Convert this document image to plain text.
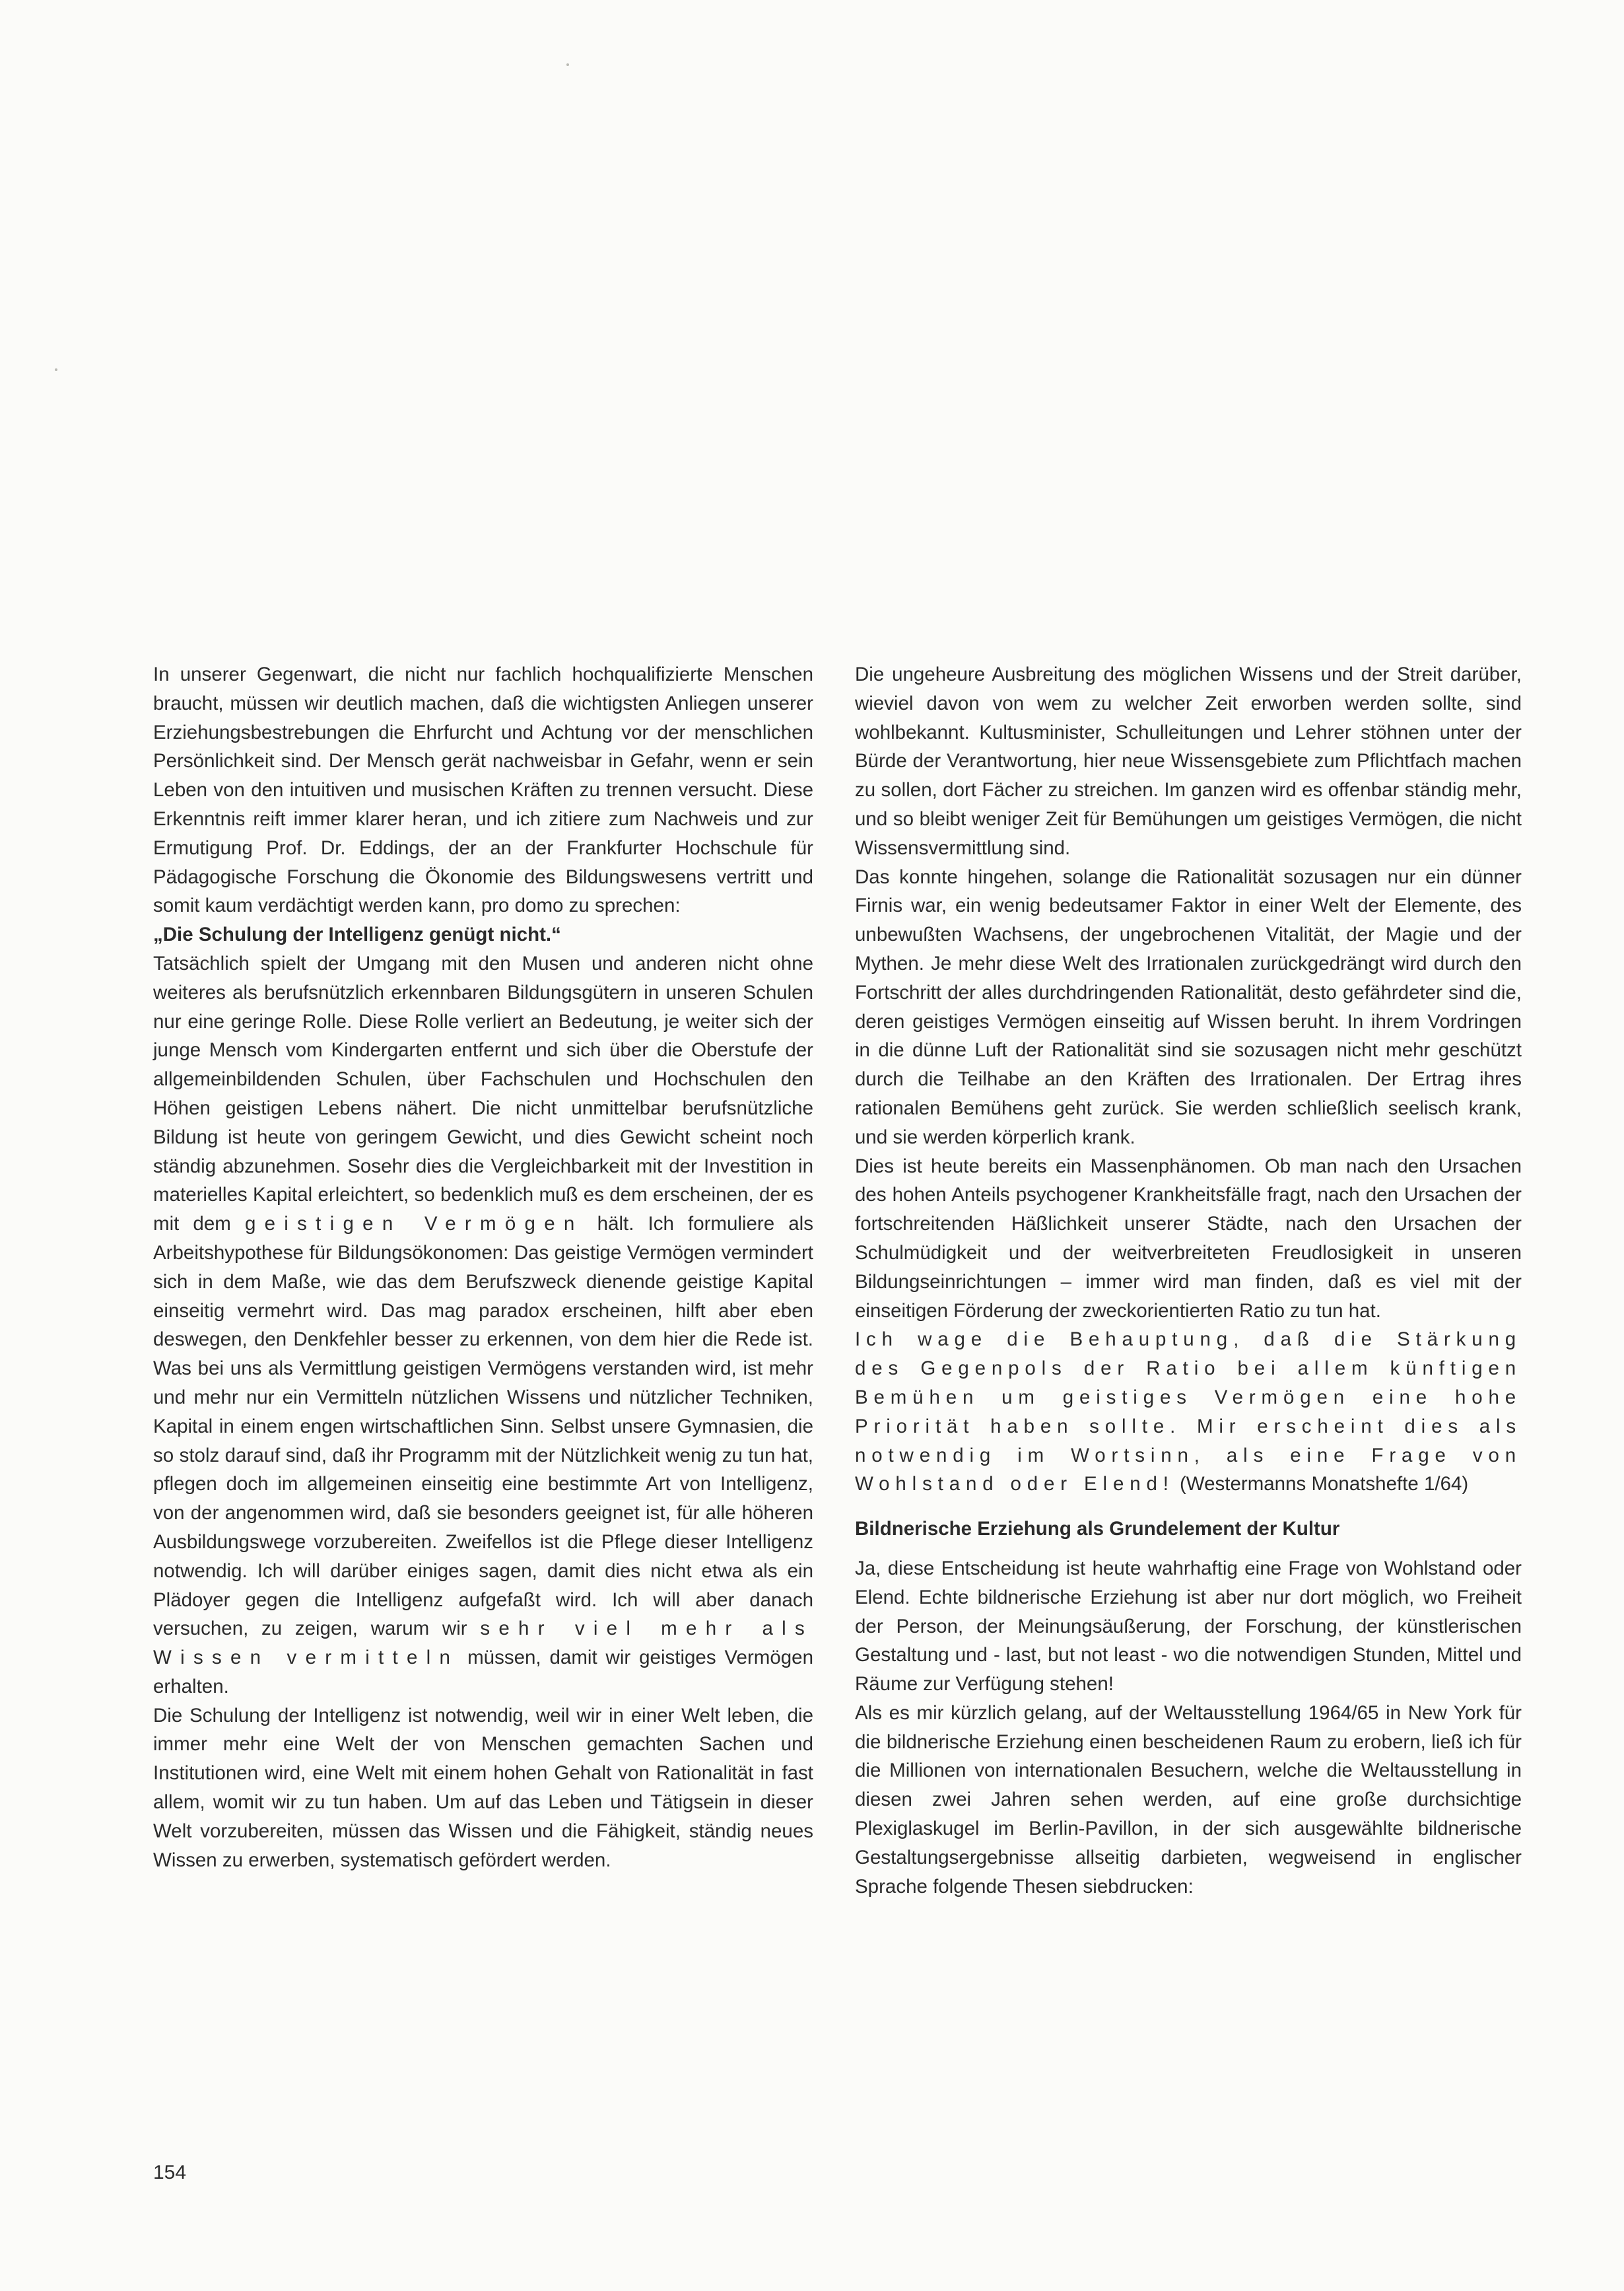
In unserer Gegenwart, die nicht nur fachlich hochqualifizierte Menschen braucht, müssen wir deutlich machen, daß die wichtigsten Anliegen unserer Erziehungsbestrebungen die Ehrfurcht und Achtung vor der menschlichen Persönlichkeit sind. Der Mensch gerät nachweisbar in Gefahr, wenn er sein Leben von den intuitiven und musischen Kräften zu trennen versucht. Diese Erkenntnis reift immer klarer heran, und ich zitiere zum Nachweis und zur Ermutigung Prof. Dr. Eddings, der an der Frankfurter Hochschule für Pädagogische Forschung die Ökonomie des Bildungswesens vertritt und somit kaum verdächtigt werden kann, pro domo zu sprechen:

„Die Schulung der Intelligenz genügt nicht.“

Tatsächlich spielt der Umgang mit den Musen und anderen nicht ohne weiteres als berufsnützlich erkennbaren Bildungsgütern in unseren Schulen nur eine geringe Rolle. Diese Rolle verliert an Bedeutung, je weiter sich der junge Mensch vom Kindergarten entfernt und sich über die Oberstufe der allgemeinbildenden Schulen, über Fachschulen und Hochschulen den Höhen geistigen Lebens nähert. Die nicht unmittelbar berufsnützliche Bildung ist heute von geringem Gewicht, und dies Gewicht scheint noch ständig abzunehmen. Sosehr dies die Vergleichbarkeit mit der Investition in materielles Kapital erleichtert, so bedenklich muß es dem erscheinen, der es mit dem geistigen Vermögen hält. Ich formuliere als Arbeitshypothese für Bildungsökonomen: Das geistige Vermögen vermindert sich in dem Maße, wie das dem Berufszweck dienende geistige Kapital einseitig vermehrt wird. Das mag paradox erscheinen, hilft aber eben deswegen, den Denkfehler besser zu erkennen, von dem hier die Rede ist. Was bei uns als Vermittlung geistigen Vermögens verstanden wird, ist mehr und mehr nur ein Vermitteln nützlichen Wissens und nützlicher Techniken, Kapital in einem engen wirtschaftlichen Sinn. Selbst unsere Gymnasien, die so stolz darauf sind, daß ihr Programm mit der Nützlichkeit wenig zu tun hat, pflegen doch im allgemeinen einseitig eine bestimmte Art von Intelligenz, von der angenommen wird, daß sie besonders geeignet ist, für alle höheren Ausbildungswege vorzubereiten. Zweifellos ist die Pflege dieser Intelligenz notwendig. Ich will darüber einiges sagen, damit dies nicht etwa als ein Plädoyer gegen die Intelligenz aufgefaßt wird. Ich will aber danach versuchen, zu zeigen, warum wir sehr viel mehr als Wissen vermitteln müssen, damit wir geistiges Vermögen erhalten.

Die Schulung der Intelligenz ist notwendig, weil wir in einer Welt leben, die immer mehr eine Welt der von Menschen gemachten Sachen und Institutionen wird, eine Welt mit einem hohen Gehalt von Rationalität in fast allem, womit wir zu tun haben. Um auf das Leben und Tätigsein in dieser Welt vorzubereiten, müssen das Wissen und die Fähigkeit, ständig neues Wissen zu erwerben, systematisch gefördert werden.

Die ungeheure Ausbreitung des möglichen Wissens und der Streit darüber, wieviel davon von wem zu welcher Zeit erworben werden sollte, sind wohlbekannt. Kultusminister, Schulleitungen und Lehrer stöhnen unter der Bürde der Verantwortung, hier neue Wissensgebiete zum Pflichtfach machen zu sollen, dort Fächer zu streichen. Im ganzen wird es offenbar ständig mehr, und so bleibt weniger Zeit für Bemühungen um geistiges Vermögen, die nicht Wissensvermittlung sind.

Das konnte hingehen, solange die Rationalität sozusagen nur ein dünner Firnis war, ein wenig bedeutsamer Faktor in einer Welt der Elemente, des unbewußten Wachsens, der ungebrochenen Vitalität, der Magie und der Mythen. Je mehr diese Welt des Irrationalen zurückgedrängt wird durch den Fortschritt der alles durchdringenden Rationalität, desto gefährdeter sind die, deren geistiges Vermögen einseitig auf Wissen beruht. In ihrem Vordringen in die dünne Luft der Rationalität sind sie sozusagen nicht mehr geschützt durch die Teilhabe an den Kräften des Irrationalen. Der Ertrag ihres rationalen Bemühens geht zurück. Sie werden schließlich seelisch krank, und sie werden körperlich krank.

Dies ist heute bereits ein Massenphänomen. Ob man nach den Ursachen des hohen Anteils psychogener Krankheitsfälle fragt, nach den Ursachen der fortschreitenden Häßlichkeit unserer Städte, nach den Ursachen der Schulmüdigkeit und der weitverbreiteten Freudlosigkeit in unseren Bildungseinrichtungen – immer wird man finden, daß es viel mit der einseitigen Förderung der zweckorientierten Ratio zu tun hat.

Ich wage die Behauptung, daß die Stärkung des Gegenpols der Ratio bei allem künftigen Bemühen um geistiges Vermögen eine hohe Priorität haben sollte. Mir erscheint dies als notwendig im Wortsinn, als eine Frage von Wohlstand oder Elend! (Westermanns Monatshefte 1/64)

Bildnerische Erziehung als Grundelement der Kultur

Ja, diese Entscheidung ist heute wahrhaftig eine Frage von Wohlstand oder Elend. Echte bildnerische Erziehung ist aber nur dort möglich, wo Freiheit der Person, der Meinungsäußerung, der Forschung, der künstlerischen Gestaltung und - last, but not least - wo die notwendigen Stunden, Mittel und Räume zur Verfügung stehen!

Als es mir kürzlich gelang, auf der Weltausstellung 1964/65 in New York für die bildnerische Erziehung einen bescheidenen Raum zu erobern, ließ ich für die Millionen von internationalen Besuchern, welche die Weltausstellung in diesen zwei Jahren sehen werden, auf eine große durchsichtige Plexiglaskugel im Berlin-Pavillon, in der sich ausgewählte bildnerische Gestaltungsergebnisse allseitig darbieten, wegweisend in englischer Sprache folgende Thesen siebdrucken:

154
